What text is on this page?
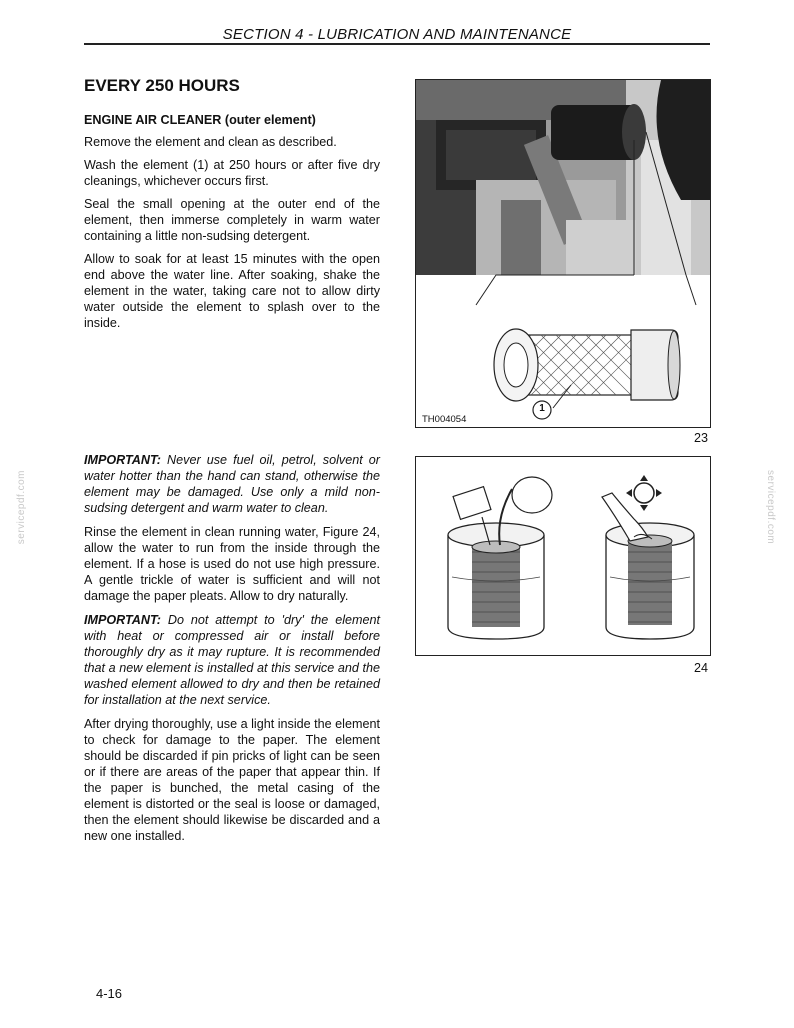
SECTION 4 - LUBRICATION AND MAINTENANCE
EVERY 250 HOURS
ENGINE AIR CLEANER (outer element)

Remove the element and clean as described.

Wash the element (1) at 250 hours or after five dry cleanings, whichever occurs first.

Seal the small opening at the outer end of the element, then immerse completely in warm water containing a little non-sudsing detergent.

Allow to soak for at least 15 minutes with the open end above the water line. After soaking, shake the element in the water, taking care not to allow dirty water outside the element to splash over to the inside.

1
TH004054
23

IMPORTANT: Never use fuel oil, petrol, solvent or water hotter than the hand can stand, otherwise the element may be damaged. Use only a mild non-sudsing detergent and warm water to clean.

Rinse the element in clean running water, Figure 24, allow the water to run from the inside through the element. If a hose is used do not use high pressure. A gentle trickle of water is sufficient and will not damage the paper pleats. Allow to dry naturally.

IMPORTANT: Do not attempt to 'dry' the element with heat or compressed air or install before thoroughly dry as it may rupture. It is recommended that a new element is installed at this service and the washed element allowed to dry and then be retained for installation at the next service.

After drying thoroughly, use a light inside the element to check for damage to the paper. The element should be discarded if pin pricks of light can be seen or if there are areas of the paper that appear thin. If the paper is bunched, the metal casing of the element is distorted or the seal is loose or damaged, then the element should likewise be discarded and a new one installed.

24
servicepdf.com	servicepdf.com
4-16
